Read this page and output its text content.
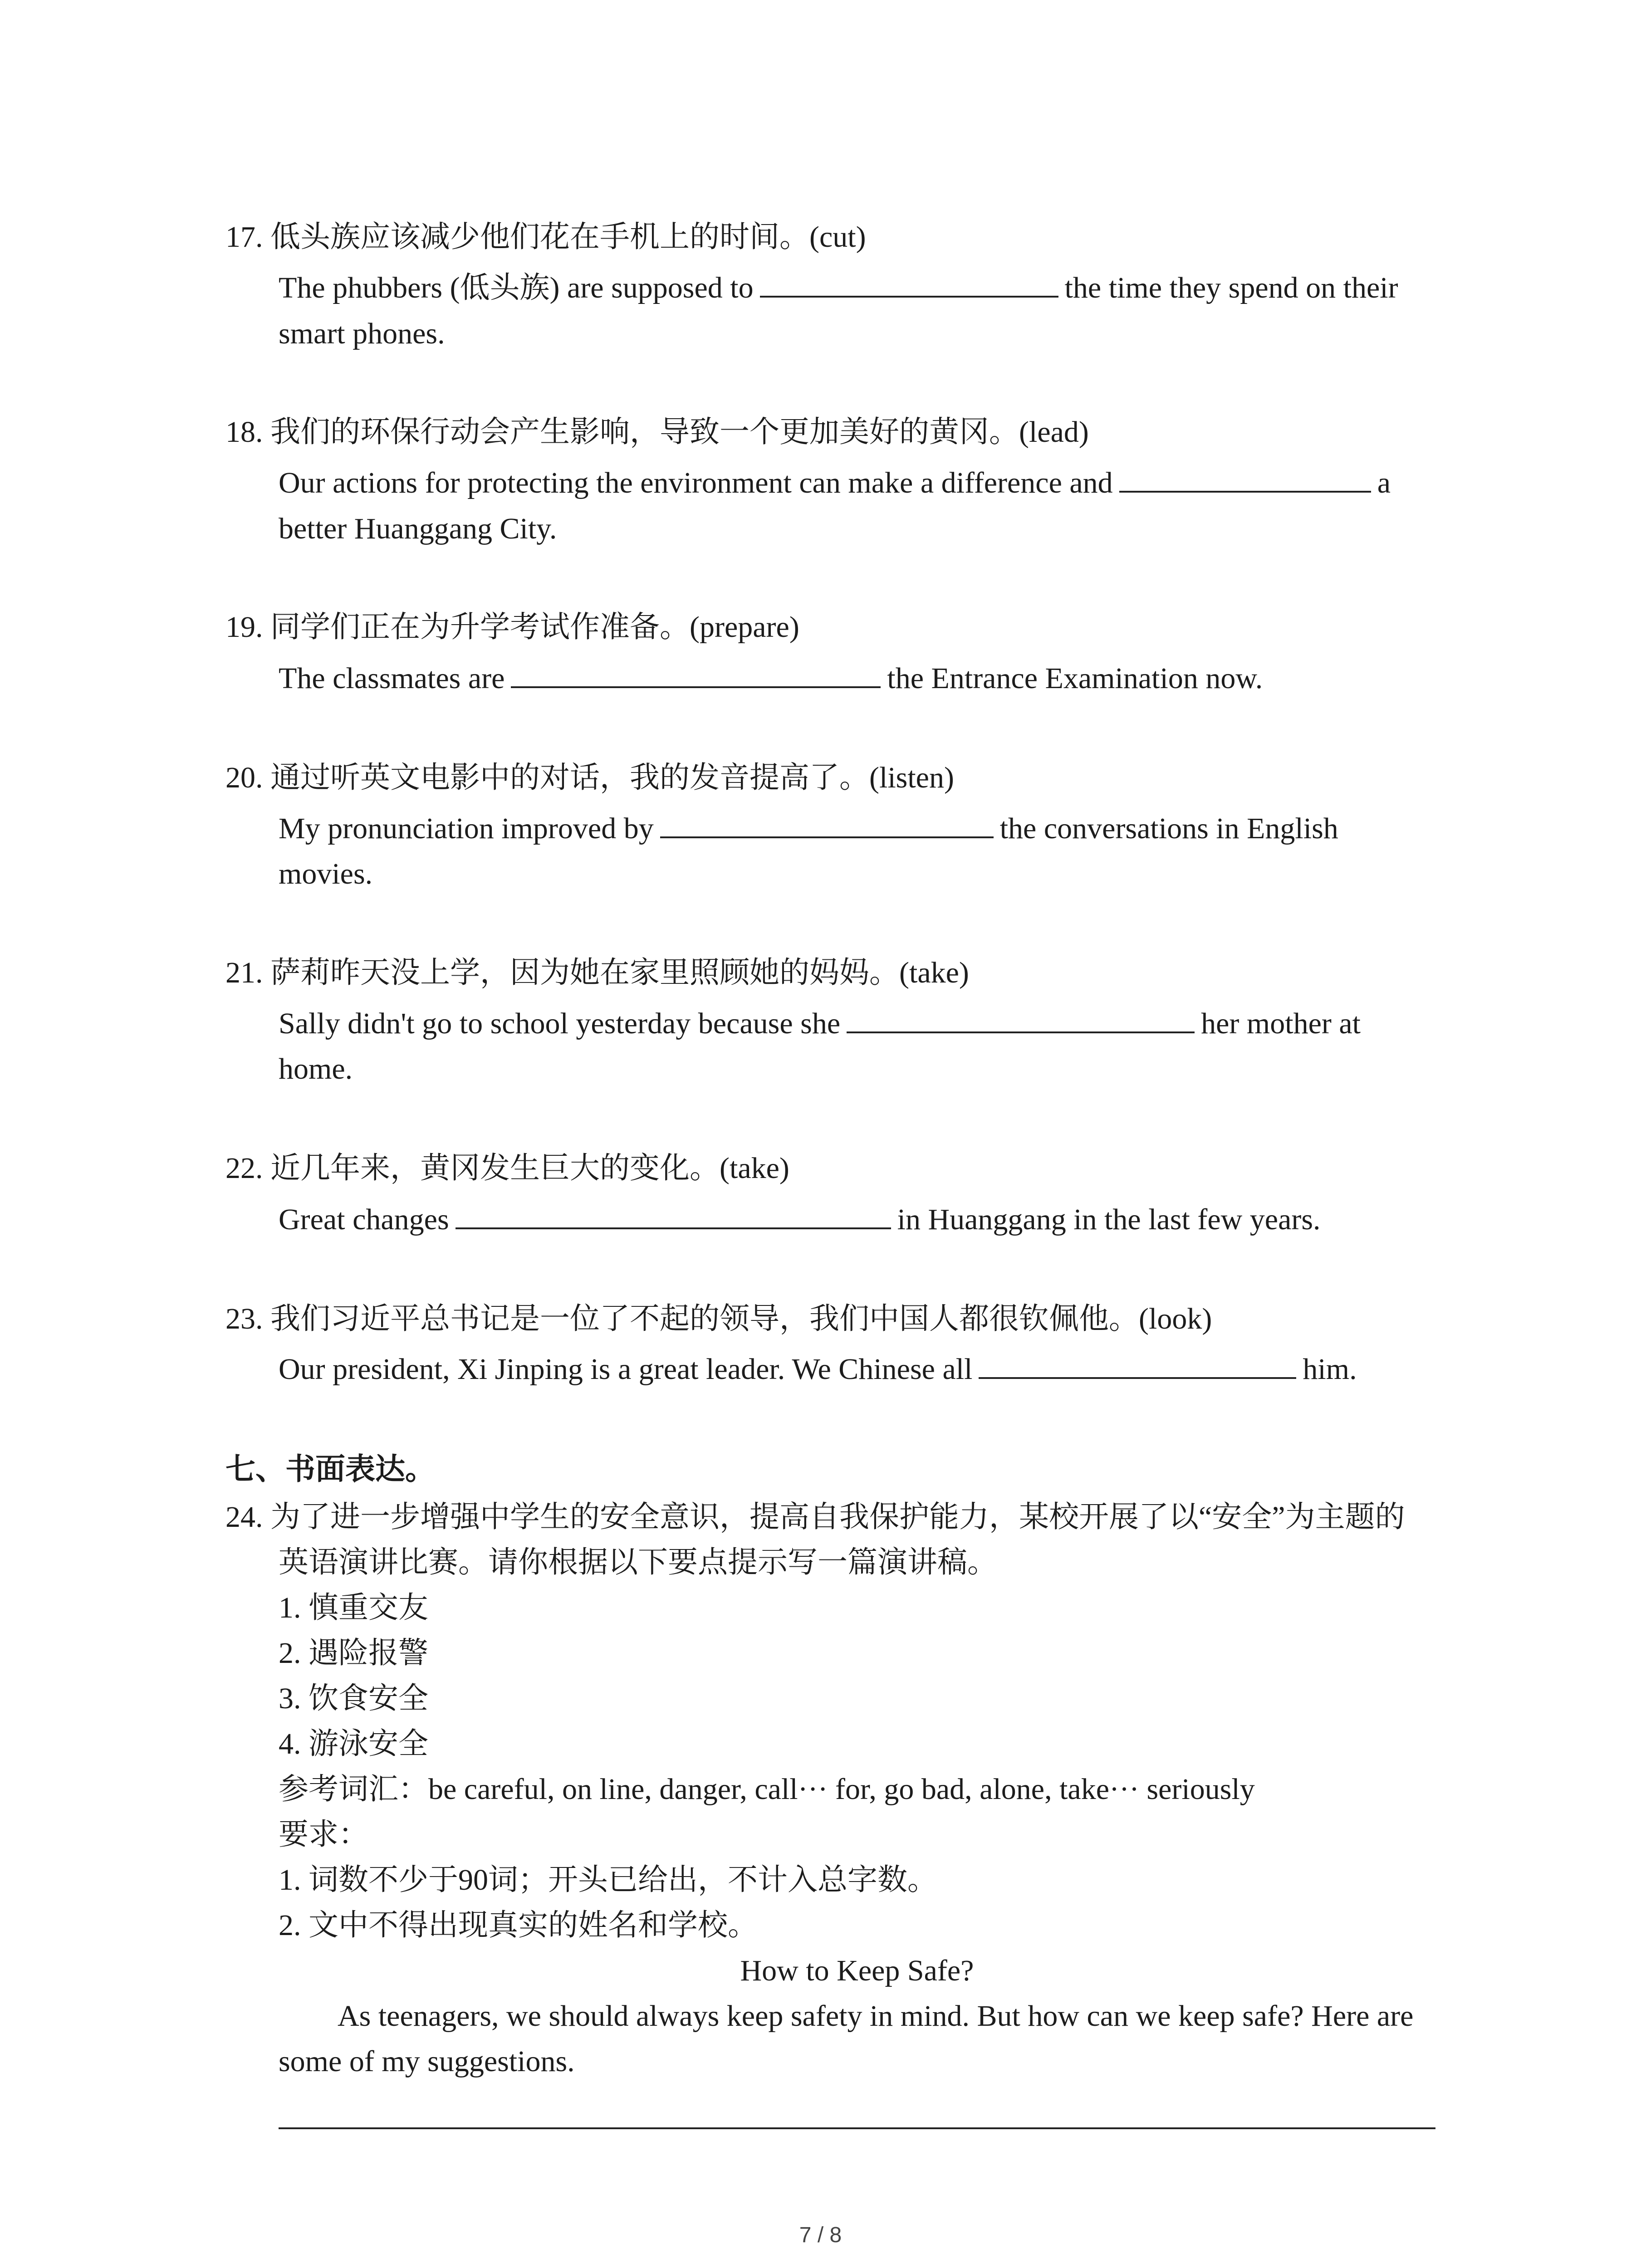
17. 低头族应该减少他们花在手机上的时间。(cut)
The phubbers (低头族) are supposed to	the time they spend on their
smart phones.
18. 我们的环保行动会产生影响，导致一个更加美好的黄冈。(lead)
Our actions for protecting the environment can make a difference and	a
better Huanggang City.
19. 同学们正在为升学考试作准备。(prepare)
The classmates are	the Entrance Examination now.
20. 通过听英文电影中的对话，我的发音提高了。(listen)
My pronunciation improved by	the conversations in English
movies.
21. 萨莉昨天没上学，因为她在家里照顾她的妈妈。(take)
Sally didn't go to school yesterday because she	her mother at
home.
22. 近几年来，黄冈发生巨大的变化。(take)
Great changes	in Huanggang in the last few years.
23. 我们习近平总书记是一位了不起的领导，我们中国人都很钦佩他。(look)
Our president, Xi Jinping is a great leader. We Chinese all	him.
七、书面表达。
24. 为了进一步增强中学生的安全意识，提高自我保护能力，某校开展了以“安全”为主题的
英语演讲比赛。请你根据以下要点提示写一篇演讲稿。
1. 慎重交友
2. 遇险报警
3. 饮食安全
4. 游泳安全
参考词汇：be careful, on line, danger, call··· for, go bad, alone, take··· seriously
要求：
1. 词数不少于90词；开头已给出，不计入总字数。
2. 文中不得出现真实的姓名和学校。
How to Keep Safe?
As teenagers, we should always keep safety in mind. But how can we keep safe? Here are
some of my suggestions.
7 / 8
